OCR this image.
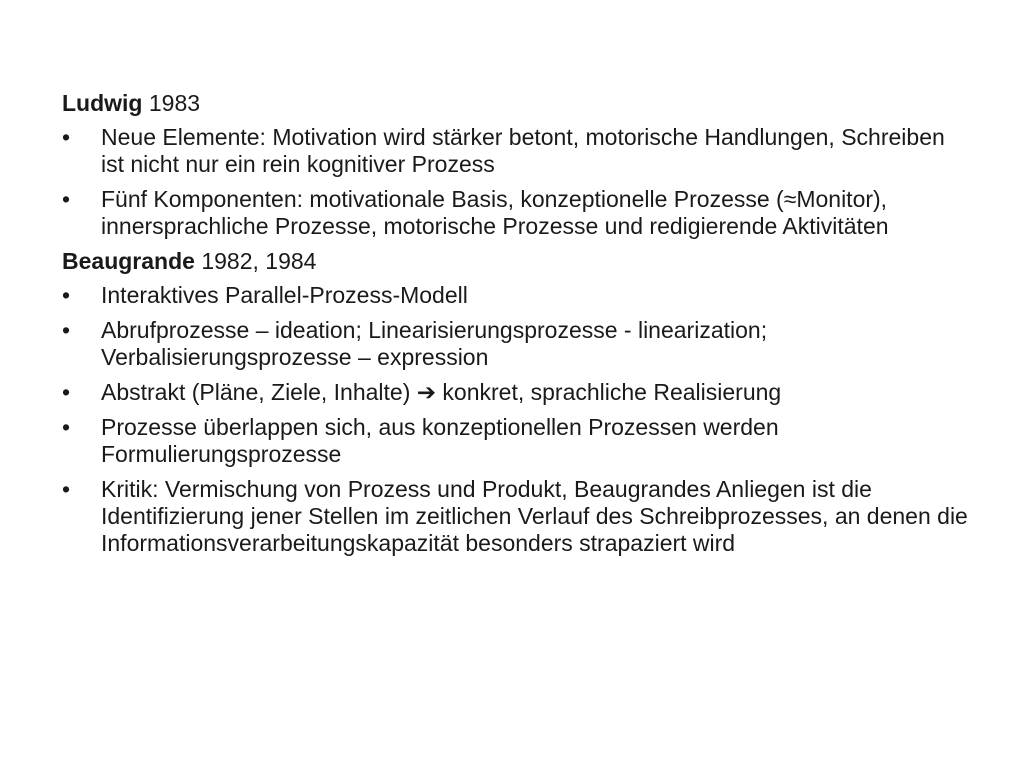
Ludwig 1983
•	Neue Elemente: Motivation wird stärker betont, motorische Handlungen, Schreiben ist nicht nur ein rein kognitiver Prozess
•	Fünf Komponenten: motivationale Basis, konzeptionelle Prozesse (≈Monitor), innersprachliche Prozesse, motorische Prozesse und redigierende Aktivitäten
Beaugrande 1982, 1984
•	Interaktives Parallel-Prozess-Modell
•	Abrufprozesse – ideation; Linearisierungsprozesse - linearization; Verbalisierungsprozesse – expression
•	Abstrakt (Pläne, Ziele, Inhalte) ➔ konkret, sprachliche Realisierung
•	Prozesse überlappen sich, aus konzeptionellen Prozessen werden Formulierungsprozesse
•	Kritik: Vermischung von Prozess und Produkt, Beaugrandes Anliegen ist die Identifizierung jener Stellen im zeitlichen Verlauf des Schreibprozesses, an denen die Informationsverarbeitungskapazität besonders strapaziert wird
